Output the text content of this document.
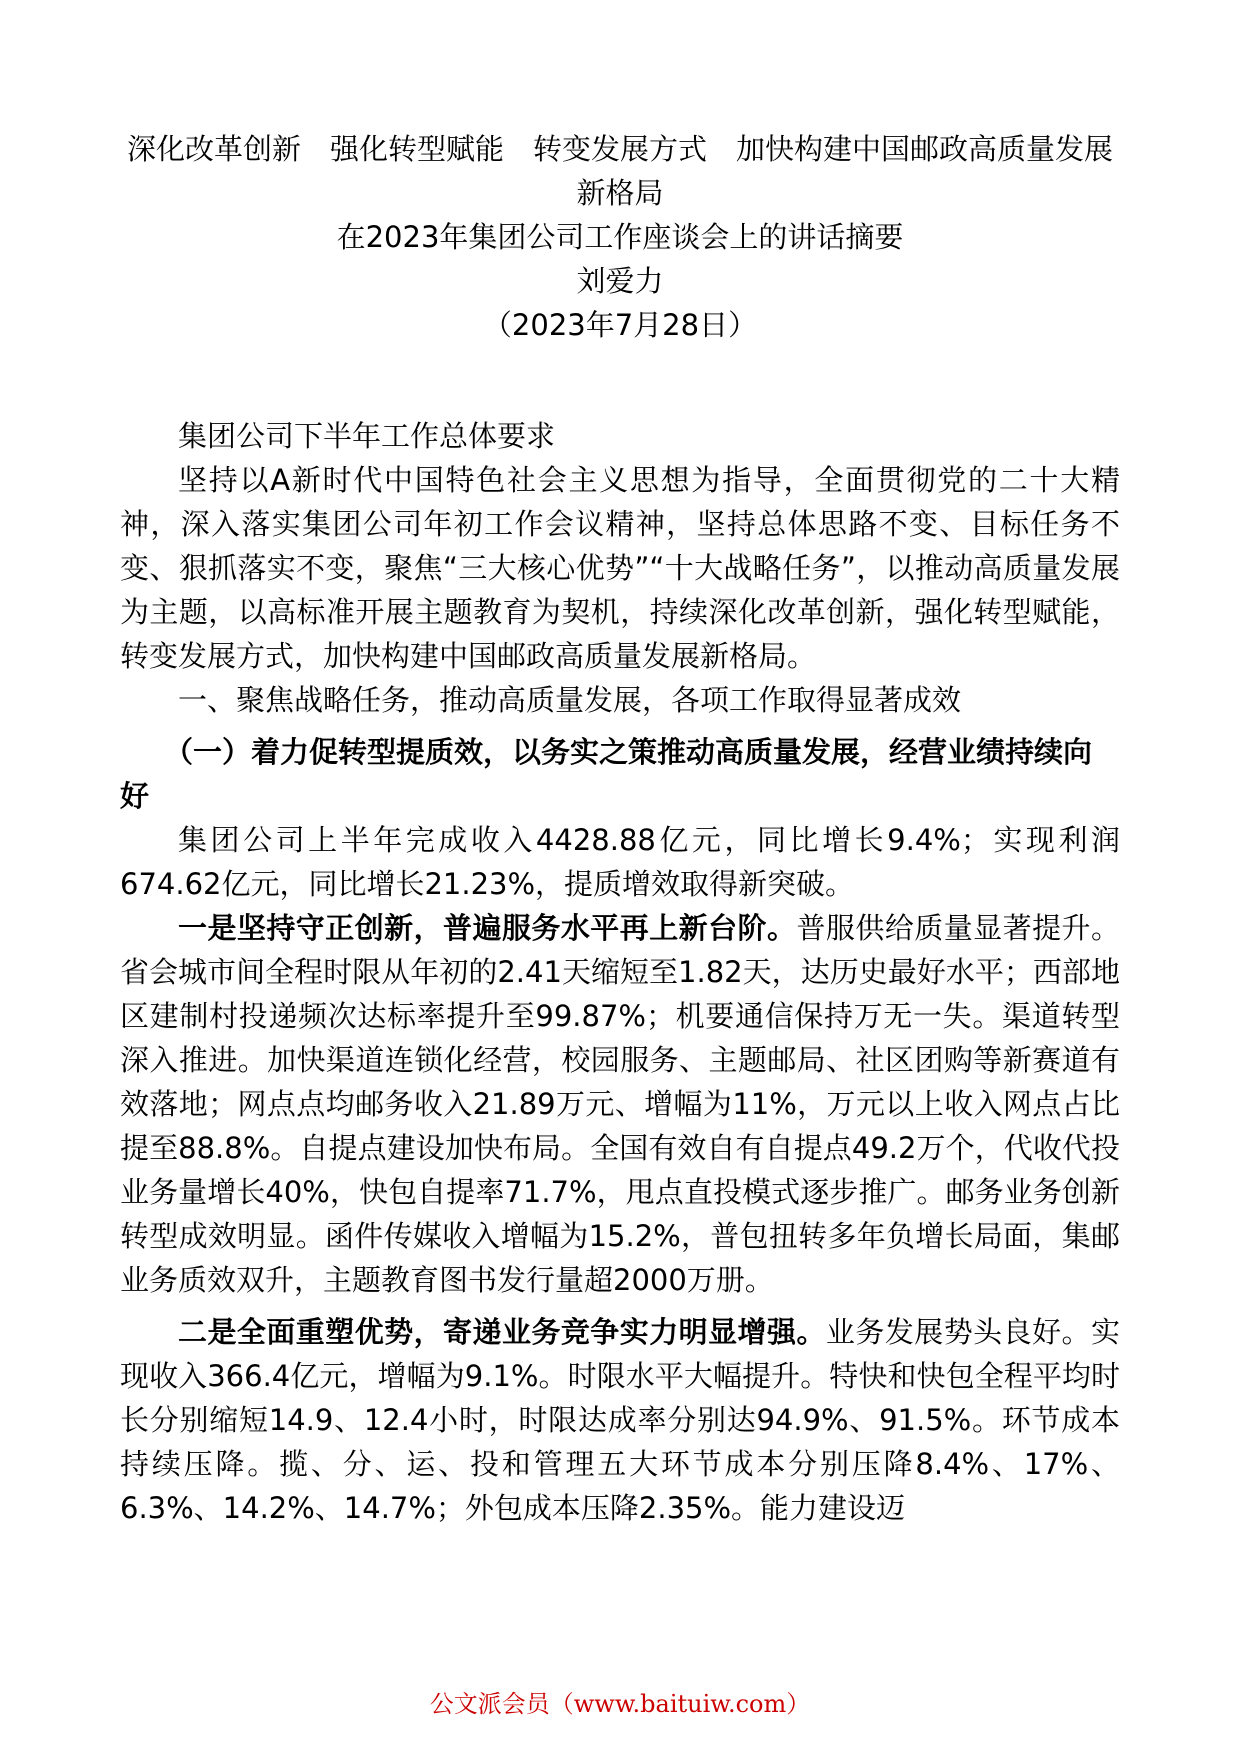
深化改革创新　强化转型赋能　转变发展方式　加快构建中国邮政高质量发展

新格局

在2023年集团公司工作座谈会上的讲话摘要

刘爱力

（2023年7月28日）

集团公司下半年工作总体要求

坚持以A新时代中国特色社会主义思想为指导，全面贯彻党的二十大精神，深入落实集团公司年初工作会议精神，坚持总体思路不变、目标任务不变、狠抓落实不变，聚焦“三大核心优势”“十大战略任务”，以推动高质量发展为主题，以高标准开展主题教育为契机，持续深化改革创新，强化转型赋能，转变发展方式，加快构建中国邮政高质量发展新格局。

一、聚焦战略任务，推动高质量发展，各项工作取得显著成效

（一）着力促转型提质效，以务实之策推动高质量发展，经营业绩持续向好

集团公司上半年完成收入4428.88亿元，同比增长9.4%；实现利润674.62亿元，同比增长21.23%，提质增效取得新突破。

一是坚持守正创新，普遍服务水平再上新台阶。普服供给质量显著提升。省会城市间全程时限从年初的2.41天缩短至1.82天，达历史最好水平；西部地区建制村投递频次达标率提升至99.87%；机要通信保持万无一失。渠道转型深入推进。加快渠道连锁化经营，校园服务、主题邮局、社区团购等新赛道有效落地；网点点均邮务收入21.89万元、增幅为11%，万元以上收入网点占比提至88.8%。自提点建设加快布局。全国有效自有自提点49.2万个，代收代投业务量增长40%，快包自提率71.7%，甩点直投模式逐步推广。邮务业务创新转型成效明显。函件传媒收入增幅为15.2%，普包扭转多年负增长局面，集邮业务质效双升，主题教育图书发行量超2000万册。

二是全面重塑优势，寄递业务竞争实力明显增强。业务发展势头良好。实现收入366.4亿元，增幅为9.1%。时限水平大幅提升。特快和快包全程平均时长分别缩短14.9、12.4小时，时限达成率分别达94.9%、91.5%。环节成本持续压降。揽、分、运、投和管理五大环节成本分别压降8.4%、17%、6.3%、14.2%、14.7%；外包成本压降2.35%。能力建设迈

公文派会员（www.baituiw.com）
